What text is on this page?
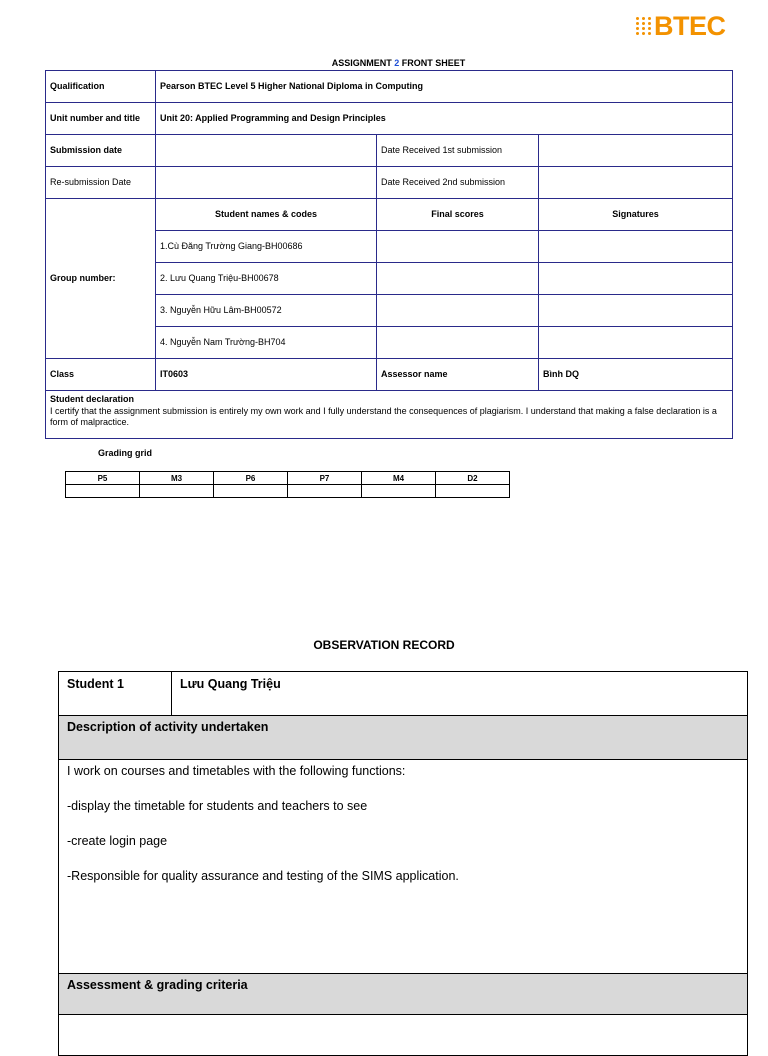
BTEC
ASSIGNMENT 2 FRONT SHEET
Qualification	Pearson BTEC Level 5 Higher National Diploma in Computing		
Unit number and title	Unit 20: Applied Programming and Design Principles		
Submission date		Date Received 1st submission	
Re-submission Date		Date Received 2nd submission	
Group number:	Student names & codes	Final scores	Signatures
	1.Cù Đăng Trường Giang-BH00686		
	2. Lưu Quang Triệu-BH00678		
	3. Nguyễn Hữu Lâm-BH00572		
	4. Nguyễn Nam Trường-BH704		
Class	IT0603	Assessor name	Bình DQ

Student declaration
I certify that the assignment submission is entirely my own work and I fully understand the consequences of plagiarism. I understand that making a false declaration is a form of malpractice.			
Grading grid
P5	M3	P6	P7	M4	D2

OBSERVATION RECORD
Student 1	Lưu Quang Triệu
Description of activity undertaken

I work on courses and timetables with the following functions:

-display the timetable for students and teachers to see

-create login page

-Responsible for quality assurance and testing of the SIMS application.

Assessment & grading criteria
